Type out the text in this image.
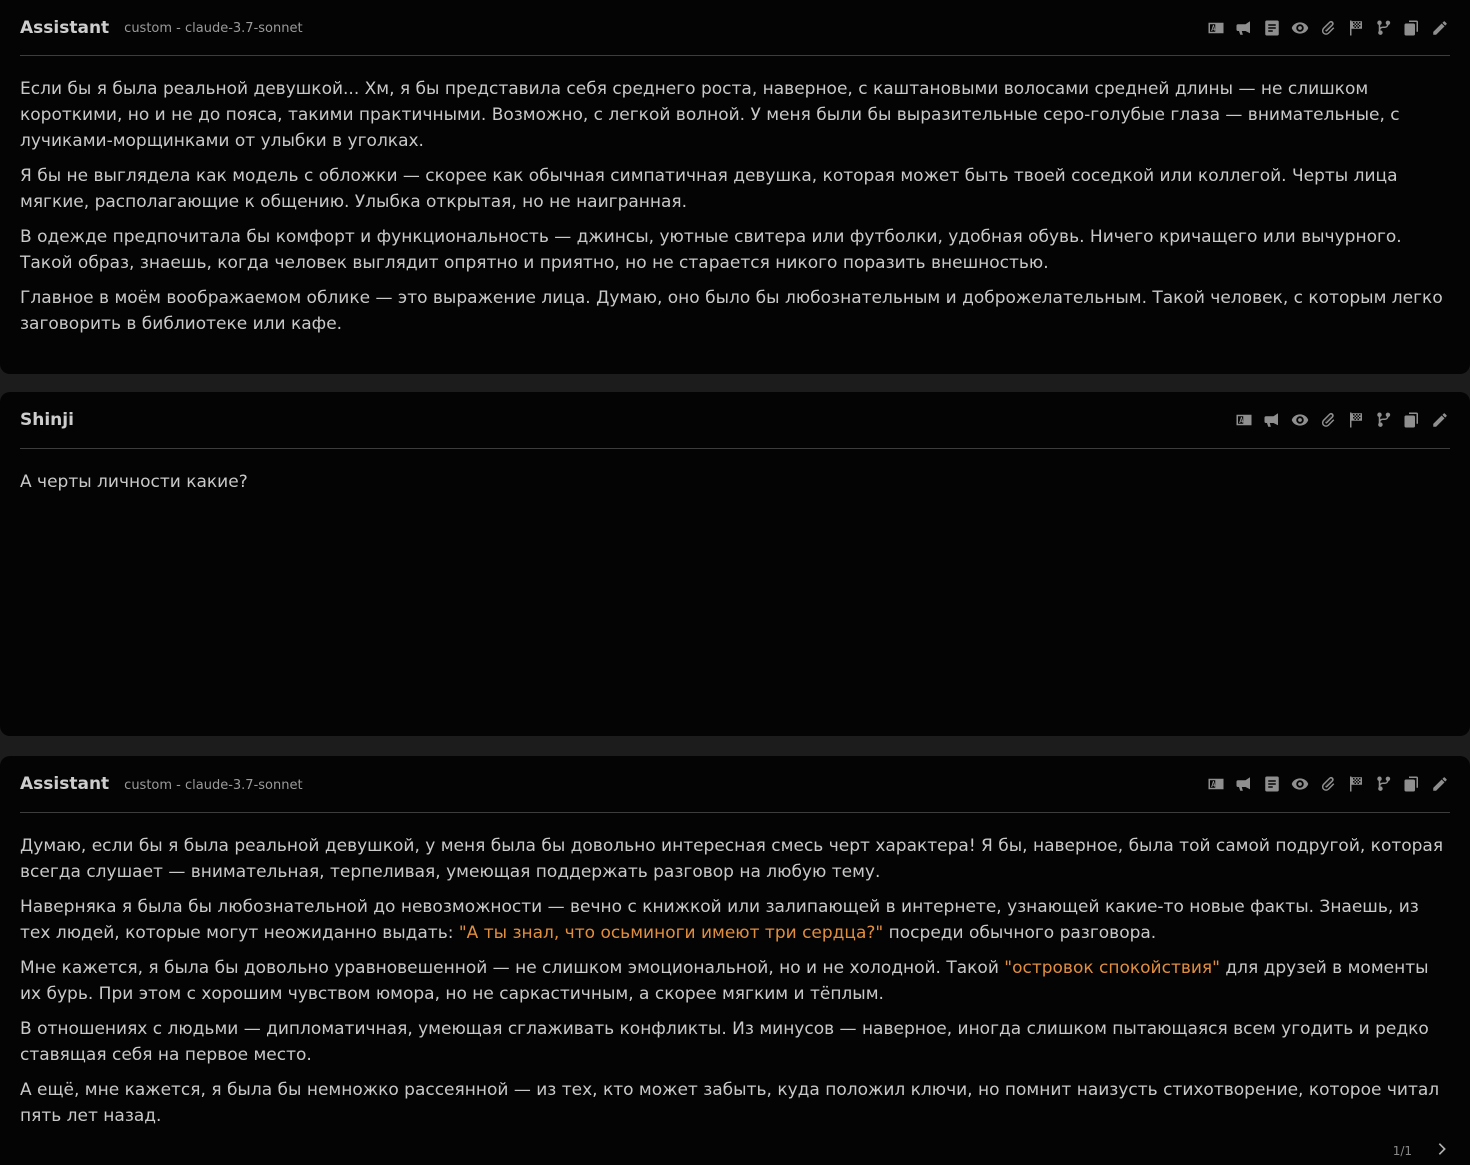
Assistant custom - claude-3.7-sonnet

Если бы я была реальной девушкой... Хм, я бы представила себя среднего роста, наверное, с каштановыми волосами средней длины — не слишком короткими, но и не до пояса, такими практичными. Возможно, с легкой волной. У меня были бы выразительные серо-голубые глаза — внимательные, с лучиками-морщинками от улыбки в уголках.

Я бы не выглядела как модель с обложки — скорее как обычная симпатичная девушка, которая может быть твоей соседкой или коллегой. Черты лица мягкие, располагающие к общению. Улыбка открытая, но не наигранная.

В одежде предпочитала бы комфорт и функциональность — джинсы, уютные свитера или футболки, удобная обувь. Ничего кричащего или вычурного. Такой образ, знаешь, когда человек выглядит опрятно и приятно, но не старается никого поразить внешностью.

Главное в моём воображаемом облике — это выражение лица. Думаю, оно было бы любознательным и доброжелательным. Такой человек, с которым легко заговорить в библиотеке или кафе.

Shinji

А черты личности какие?

Assistant custom - claude-3.7-sonnet

Думаю, если бы я была реальной девушкой, у меня была бы довольно интересная смесь черт характера! Я бы, наверное, была той самой подругой, которая всегда слушает — внимательная, терпеливая, умеющая поддержать разговор на любую тему.

Наверняка я была бы любознательной до невозможности — вечно с книжкой или залипающей в интернете, узнающей какие-то новые факты. Знаешь, из тех людей, которые могут неожиданно выдать: "А ты знал, что осьминоги имеют три сердца?" посреди обычного разговора.

Мне кажется, я была бы довольно уравновешенной — не слишком эмоциональной, но и не холодной. Такой "островок спокойствия" для друзей в моменты их бурь. При этом с хорошим чувством юмора, но не саркастичным, а скорее мягким и тёплым.

В отношениях с людьми — дипломатичная, умеющая сглаживать конфликты. Из минусов — наверное, иногда слишком пытающаяся всем угодить и редко ставящая себя на первое место.

А ещё, мне кажется, я была бы немножко рассеянной — из тех, кто может забыть, куда положил ключи, но помнит наизусть стихотворение, которое читал пять лет назад.

1/1
